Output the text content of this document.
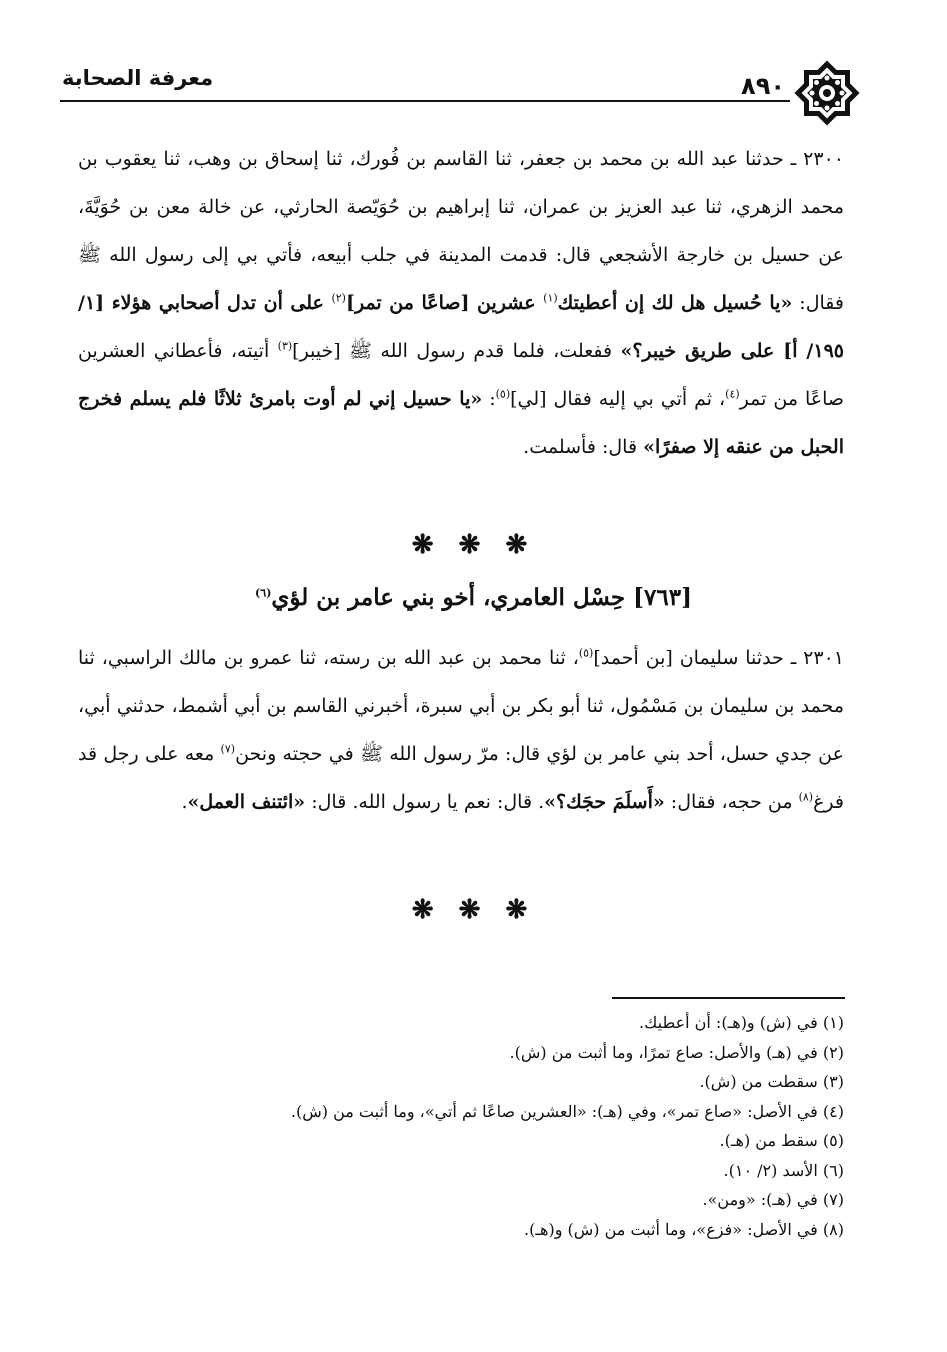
معرفة الصحابة	٨٩٠
٢٣٠٠ ـ حدثنا عبد الله بن محمد بن جعفر، ثنا القاسم بن فُورك، ثنا إسحاق بن وهب، ثنا يعقوب بن محمد الزهري، ثنا عبد العزيز بن عمران، ثنا إبراهيم بن حُوَيّصة الحارثي، عن خالة معن بن حُوَيَّةَ، عن حسيل بن خارجة الأشجعي قال: قدمت المدينة في جلب أبيعه، فأتي بي إلى رسول الله ﷺ فقال: «يا حُسيل هل لك إن أعطيتك$^{(١)}$ عشرين [صاعًا من تمر]$^{(٢)}$ على أن تدل أصحابي هؤلاء [١/ ١٩٥/ أ] على طريق خيبر؟» ففعلت، فلما قدم رسول الله ﷺ [خيبر]$^{(٣)}$ أتيته، فأعطاني العشرين صاعًا من تمر$^{(٤)}$، ثم أتي بي إليه فقال [لي]$^{(٥)}$: «يا حسيل إني لم أوت بامرئ ثلاثًا فلم يسلم فخرج الحبل من عنقه إلا صفرًا» قال: فأسلمت.
❋ ❋ ❋
[٧٦٣] حِسْل العامري، أخو بني عامر بن لؤي$^{(٦)}$
٢٣٠١ ـ حدثنا سليمان [بن أحمد]$^{(٥)}$، ثنا محمد بن عبد الله بن رسته، ثنا عمرو بن مالك الراسبي، ثنا محمد بن سليمان بن مَسْمُول، ثنا أبو بكر بن أبي سبرة، أخبرني القاسم بن أبي أشمط، حدثني أبي، عن جدي حسل، أحد بني عامر بن لؤي قال: مرّ رسول الله ﷺ في حجته ونحن$^{(٧)}$ معه على رجل قد فرغ$^{(٨)}$ من حجه، فقال: «أَسلَمَ حجَك؟». قال: نعم يا رسول الله. قال: «ائتنف العمل».
❋ ❋ ❋
(١) في (ش) و(هـ): أن أعطيك.
(٢) في (هـ) والأصل: صاع تمرًا، وما أثبت من (ش).
(٣) سقطت من (ش).
(٤) في الأصل: «صاع تمر»، وفي (هـ): «العشرين صاعًا ثم أتي»، وما أثبت من (ش).
(٥) سقط من (هـ).
(٦) الأسد (٢/ ١٠).
(٧) في (هـ): «ومن».
(٨) في الأصل: «فزع»، وما أثبت من (ش) و(هـ).
